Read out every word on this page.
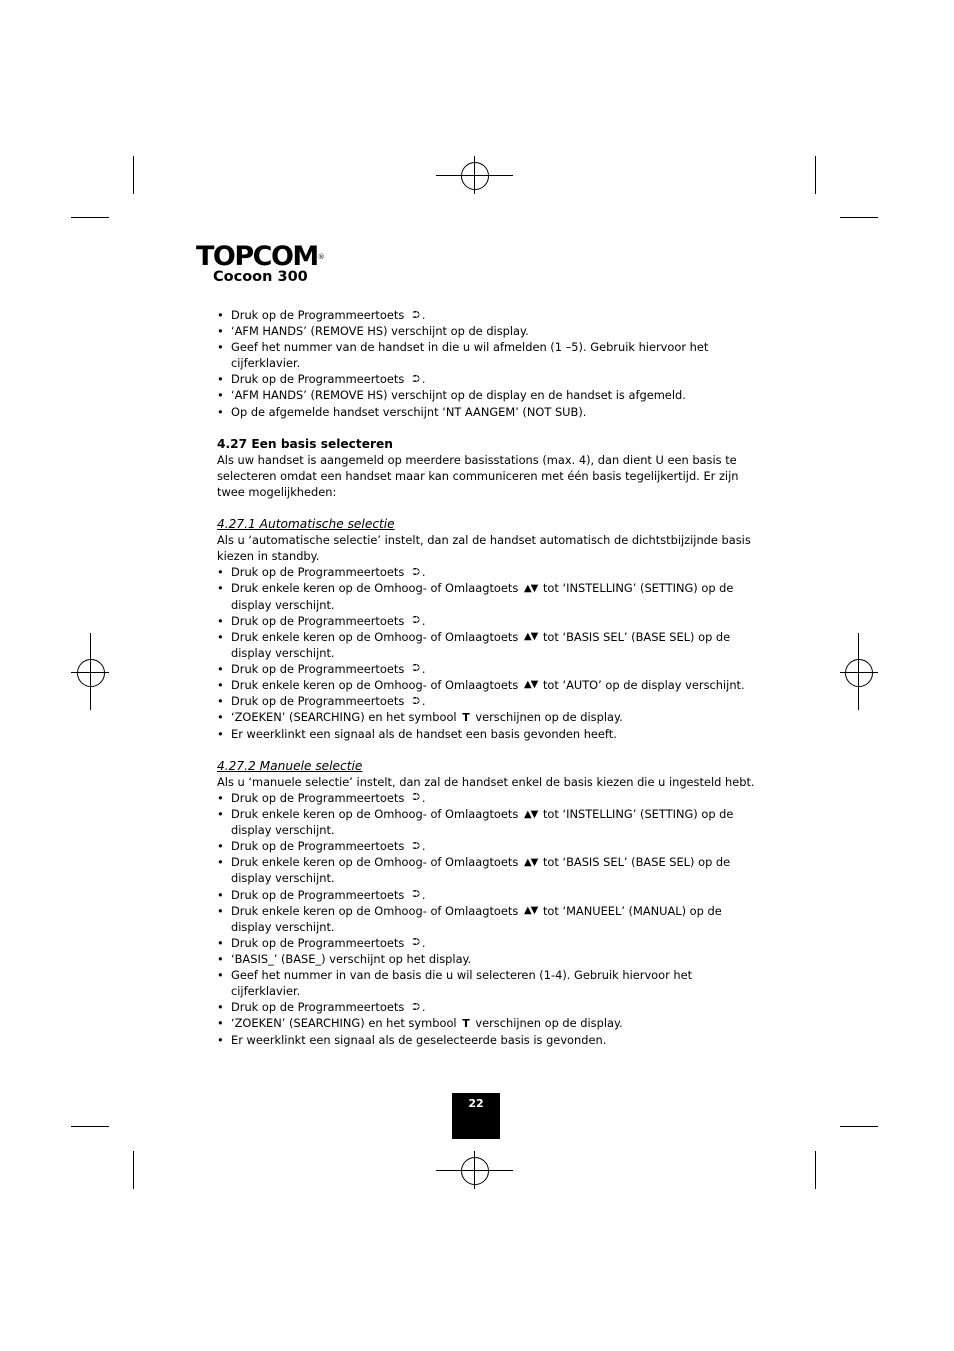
TOPCOM®
Cocoon 300
• Druk op de Programmeertoets ⮊ .
• ‘AFM HANDS’ (REMOVE HS) verschijnt op de display.
• Geef het nummer van de handset in die u wil afmelden (1 –5). Gebruik hiervoor het cijferklavier.
• Druk op de Programmeertoets ⮊ .
• ‘AFM HANDS’ (REMOVE HS) verschijnt op de display en de handset is afgemeld.
• Op de afgemelde handset verschijnt ‘NT AANGEM’ (NOT SUB).
4.27 Een basis selecteren

Als uw handset is aangemeld op meerdere basisstations (max. 4), dan dient U een basis te selecteren omdat een handset maar kan communiceren met één basis tegelijkertijd. Er zijn twee mogelijkheden:

4.27.1 Automatische selectie

Als u ‘automatische selectie’ instelt, dan zal de handset automatisch de dichtstbijzijnde basis kiezen in standby.

• Druk op de Programmeertoets ⮊ .
• Druk enkele keren op de Omhoog- of Omlaagtoets ▲▼ tot ‘INSTELLING’ (SETTING) op de display verschijnt.
• Druk op de Programmeertoets ⮊ .
• Druk enkele keren op de Omhoog- of Omlaagtoets ▲▼ tot ‘BASIS SEL’ (BASE SEL) op de display verschijnt.
• Druk op de Programmeertoets ⮊ .
• Druk enkele keren op de Omhoog- of Omlaagtoets ▲▼ tot ‘AUTO’ op de display verschijnt.
• Druk op de Programmeertoets ⮊ .
• ‘ZOEKEN’ (SEARCHING) en het symbool T verschijnen op de display.
• Er weerklinkt een signaal als de handset een basis gevonden heeft.
4.27.2 Manuele selectie

Als u ‘manuele selectie’ instelt, dan zal de handset enkel de basis kiezen die u ingesteld hebt.

• Druk op de Programmeertoets ⮊ .
• Druk enkele keren op de Omhoog- of Omlaagtoets ▲▼ tot ‘INSTELLING’ (SETTING) op de display verschijnt.
• Druk op de Programmeertoets ⮊ .
• Druk enkele keren op de Omhoog- of Omlaagtoets ▲▼ tot ‘BASIS SEL’ (BASE SEL) op de display verschijnt.
• Druk op de Programmeertoets ⮊ .
• Druk enkele keren op de Omhoog- of Omlaagtoets ▲▼ tot ‘MANUEEL’ (MANUAL) op de display verschijnt.
• Druk op de Programmeertoets ⮊ .
• ‘BASIS_’ (BASE_) verschijnt op het display.
• Geef het nummer in van de basis die u wil selecteren (1-4). Gebruik hiervoor het cijferklavier.
• Druk op de Programmeertoets ⮊ .
• ‘ZOEKEN’ (SEARCHING) en het symbool T verschijnen op de display.
• Er weerklinkt een signaal als de geselecteerde basis is gevonden.
22
